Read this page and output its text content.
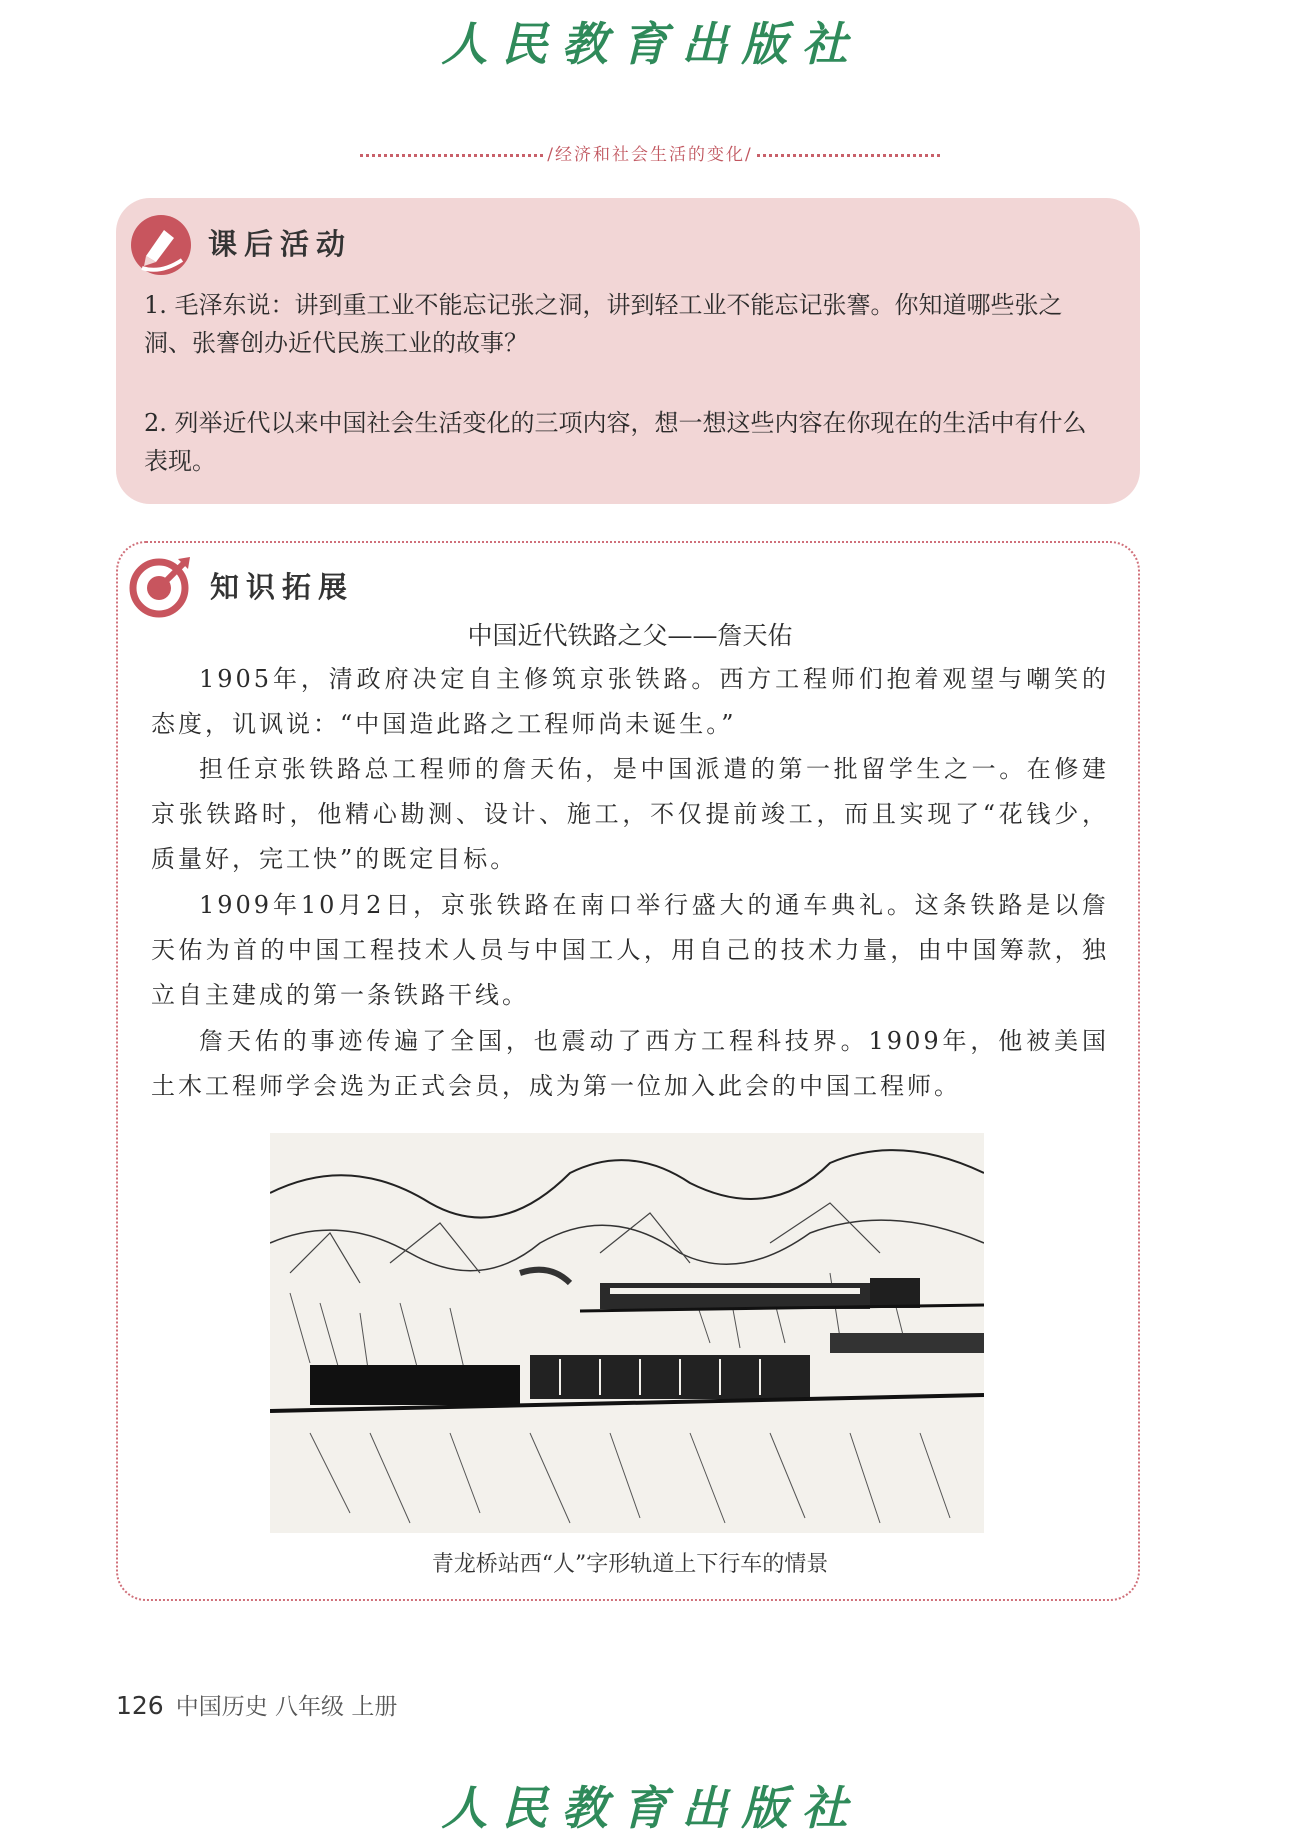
人民教育出版社
/经济和社会生活的变化/
课后活动
1. 毛泽东说：讲到重工业不能忘记张之洞，讲到轻工业不能忘记张謇。你知道哪些张之洞、张謇创办近代民族工业的故事？
2. 列举近代以来中国社会生活变化的三项内容，想一想这些内容在你现在的生活中有什么表现。
知识拓展
中国近代铁路之父——詹天佑
1905年，清政府决定自主修筑京张铁路。西方工程师们抱着观望与嘲笑的态度，讥讽说：“中国造此路之工程师尚未诞生。”
担任京张铁路总工程师的詹天佑，是中国派遣的第一批留学生之一。在修建京张铁路时，他精心勘测、设计、施工，不仅提前竣工，而且实现了“花钱少，质量好，完工快”的既定目标。
1909年10月2日，京张铁路在南口举行盛大的通车典礼。这条铁路是以詹天佑为首的中国工程技术人员与中国工人，用自己的技术力量，由中国筹款，独立自主建成的第一条铁路干线。
詹天佑的事迹传遍了全国，也震动了西方工程科技界。1909年，他被美国土木工程师学会选为正式会员，成为第一位加入此会的中国工程师。
青龙桥站西“人”字形轨道上下行车的情景
126 中国历史 八年级 上册
人民教育出版社
